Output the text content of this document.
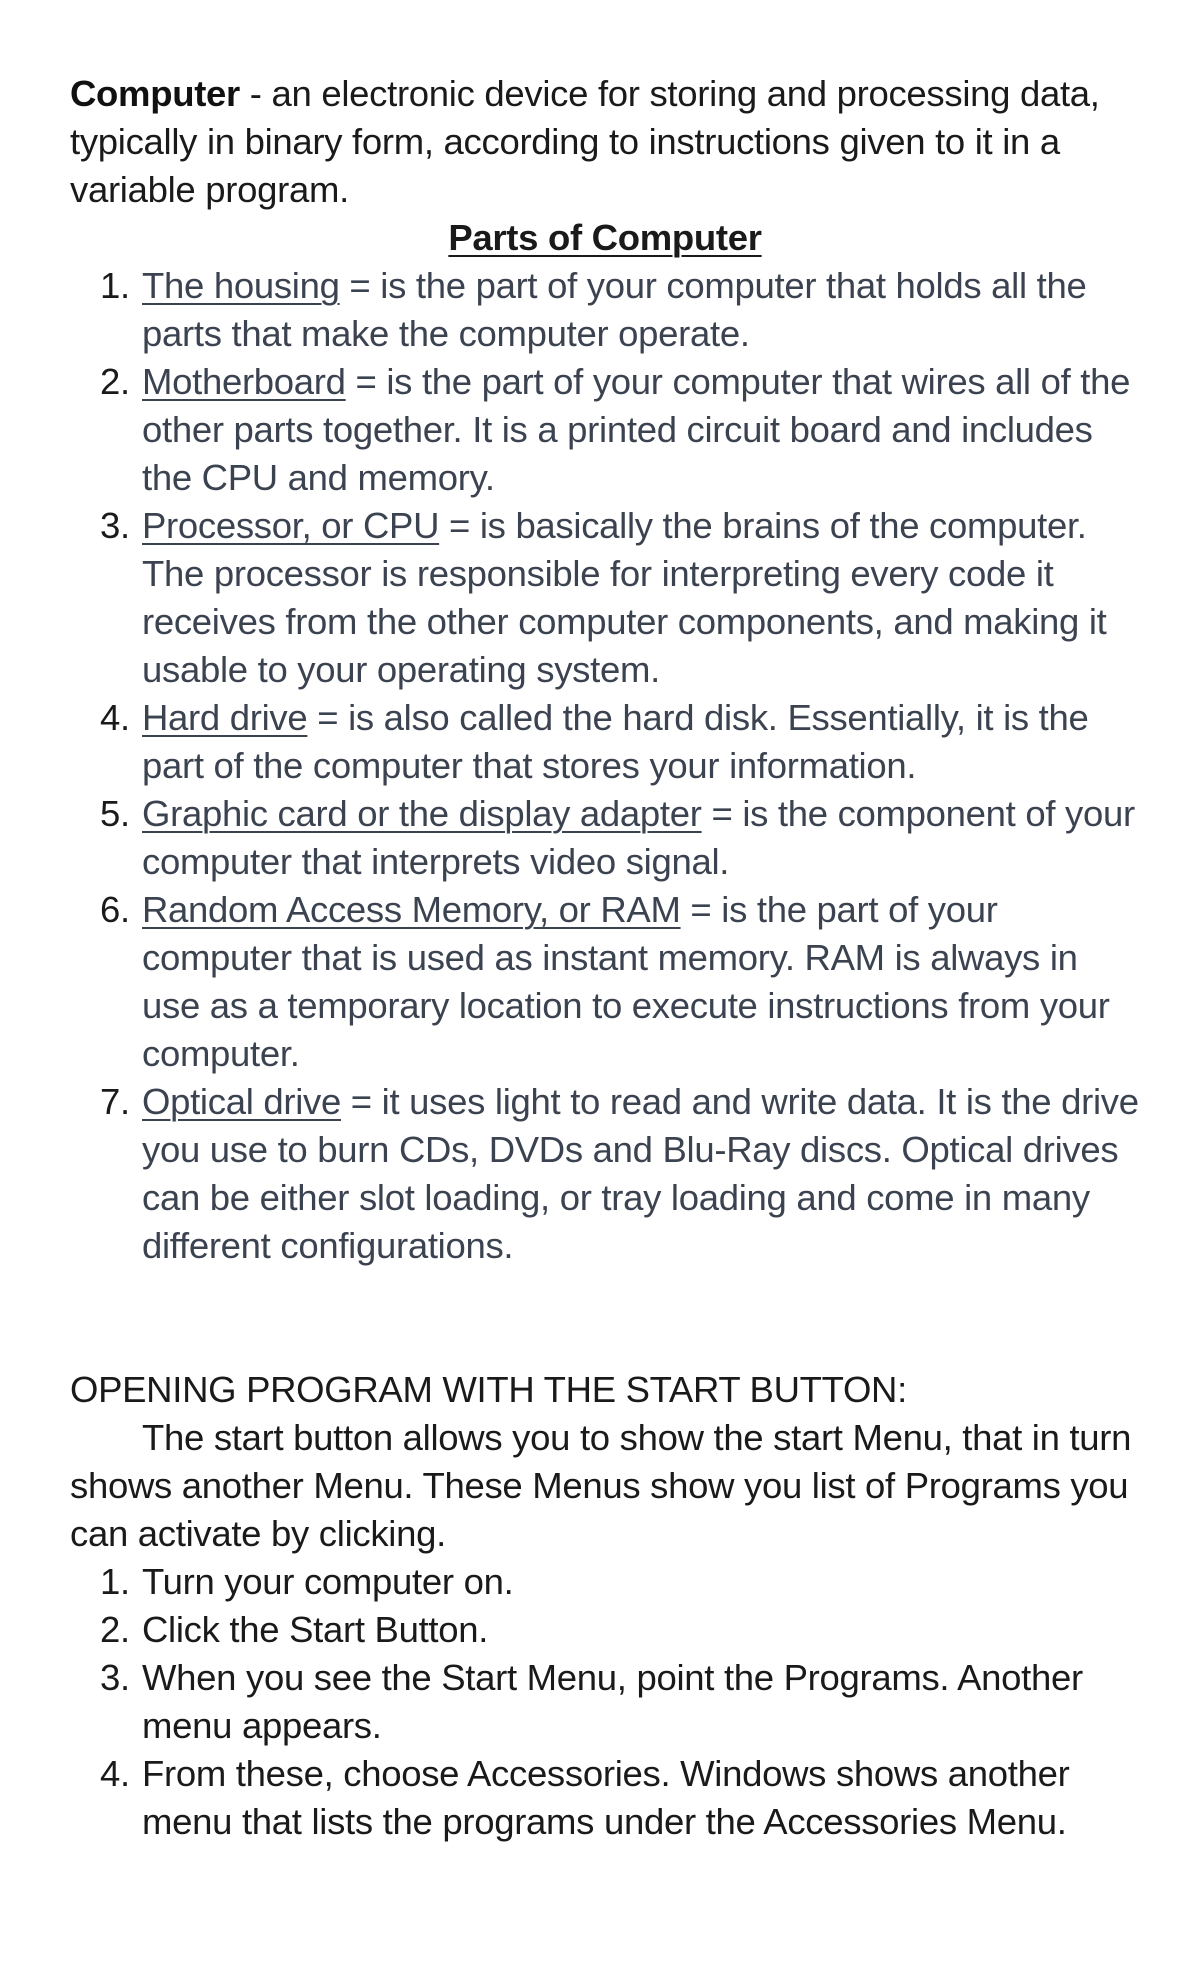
Computer - an electronic device for storing and processing data, typically in binary form, according to instructions given to it in a variable program.

Parts of Computer

1. The housing = is the part of your computer that holds all the parts that make the computer operate.
2. Motherboard = is the part of your computer that wires all of the other parts together. It is a printed circuit board and includes the CPU and memory.
3. Processor, or CPU = is basically the brains of the computer. The processor is responsible for interpreting every code it receives from the other computer components, and making it usable to your operating system.
4. Hard drive = is also called the hard disk. Essentially, it is the part of the computer that stores your information.
5. Graphic card or the display adapter = is the component of your computer that interprets video signal.
6. Random Access Memory, or RAM = is the part of your computer that is used as instant memory. RAM is always in use as a temporary location to execute instructions from your computer.
7. Optical drive = it uses light to read and write data. It is the drive you use to burn CDs, DVDs and Blu-Ray discs. Optical drives can be either slot loading, or tray loading and come in many different configurations.

OPENING PROGRAM WITH THE START BUTTON:

The start button allows you to show the start Menu, that in turn shows another Menu. These Menus show you list of Programs you can activate by clicking.

1. Turn your computer on.
2. Click the Start Button.
3. When you see the Start Menu, point the Programs. Another menu appears.
4. From these, choose Accessories. Windows shows another menu that lists the programs under the Accessories Menu.
